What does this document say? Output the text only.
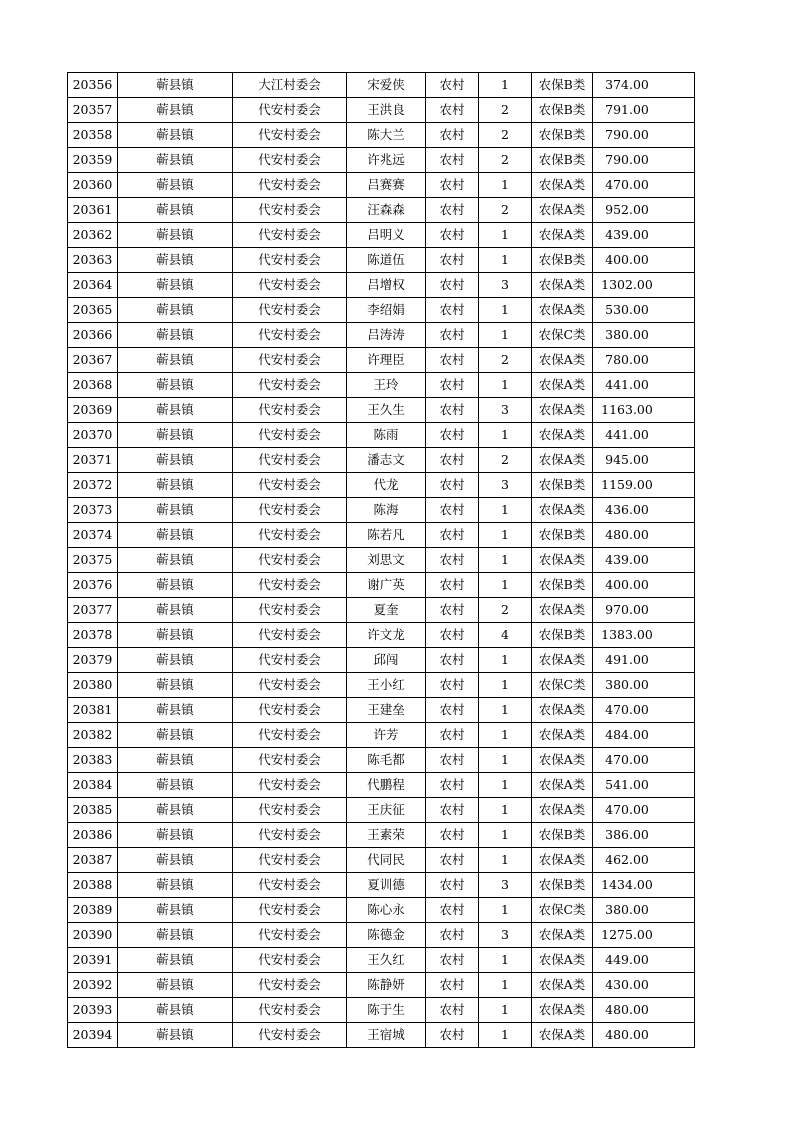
20356	蕲县镇	大江村委会	宋爱侠	农村	1	农保B类	374.00
20357	蕲县镇	代安村委会	王洪良	农村	2	农保B类	791.00
20358	蕲县镇	代安村委会	陈大兰	农村	2	农保B类	790.00
20359	蕲县镇	代安村委会	许兆远	农村	2	农保B类	790.00
20360	蕲县镇	代安村委会	吕赛赛	农村	1	农保A类	470.00
20361	蕲县镇	代安村委会	汪森森	农村	2	农保A类	952.00
20362	蕲县镇	代安村委会	吕明义	农村	1	农保A类	439.00
20363	蕲县镇	代安村委会	陈道伍	农村	1	农保B类	400.00
20364	蕲县镇	代安村委会	吕增权	农村	3	农保A类	1302.00
20365	蕲县镇	代安村委会	李绍娟	农村	1	农保A类	530.00
20366	蕲县镇	代安村委会	吕涛涛	农村	1	农保C类	380.00
20367	蕲县镇	代安村委会	许理臣	农村	2	农保A类	780.00
20368	蕲县镇	代安村委会	王玲	农村	1	农保A类	441.00
20369	蕲县镇	代安村委会	王久生	农村	3	农保A类	1163.00
20370	蕲县镇	代安村委会	陈雨	农村	1	农保A类	441.00
20371	蕲县镇	代安村委会	潘志文	农村	2	农保A类	945.00
20372	蕲县镇	代安村委会	代龙	农村	3	农保B类	1159.00
20373	蕲县镇	代安村委会	陈海	农村	1	农保A类	436.00
20374	蕲县镇	代安村委会	陈若凡	农村	1	农保B类	480.00
20375	蕲县镇	代安村委会	刘思文	农村	1	农保A类	439.00
20376	蕲县镇	代安村委会	谢广英	农村	1	农保B类	400.00
20377	蕲县镇	代安村委会	夏奎	农村	2	农保A类	970.00
20378	蕲县镇	代安村委会	许文龙	农村	4	农保B类	1383.00
20379	蕲县镇	代安村委会	邱闯	农村	1	农保A类	491.00
20380	蕲县镇	代安村委会	王小红	农村	1	农保C类	380.00
20381	蕲县镇	代安村委会	王建垒	农村	1	农保A类	470.00
20382	蕲县镇	代安村委会	许芳	农村	1	农保A类	484.00
20383	蕲县镇	代安村委会	陈毛都	农村	1	农保A类	470.00
20384	蕲县镇	代安村委会	代鹏程	农村	1	农保A类	541.00
20385	蕲县镇	代安村委会	王庆征	农村	1	农保A类	470.00
20386	蕲县镇	代安村委会	王素荣	农村	1	农保B类	386.00
20387	蕲县镇	代安村委会	代同民	农村	1	农保A类	462.00
20388	蕲县镇	代安村委会	夏训德	农村	3	农保B类	1434.00
20389	蕲县镇	代安村委会	陈心永	农村	1	农保C类	380.00
20390	蕲县镇	代安村委会	陈德金	农村	3	农保A类	1275.00
20391	蕲县镇	代安村委会	王久红	农村	1	农保A类	449.00
20392	蕲县镇	代安村委会	陈静妍	农村	1	农保A类	430.00
20393	蕲县镇	代安村委会	陈于生	农村	1	农保A类	480.00
20394	蕲县镇	代安村委会	王宿城	农村	1	农保A类	480.00
